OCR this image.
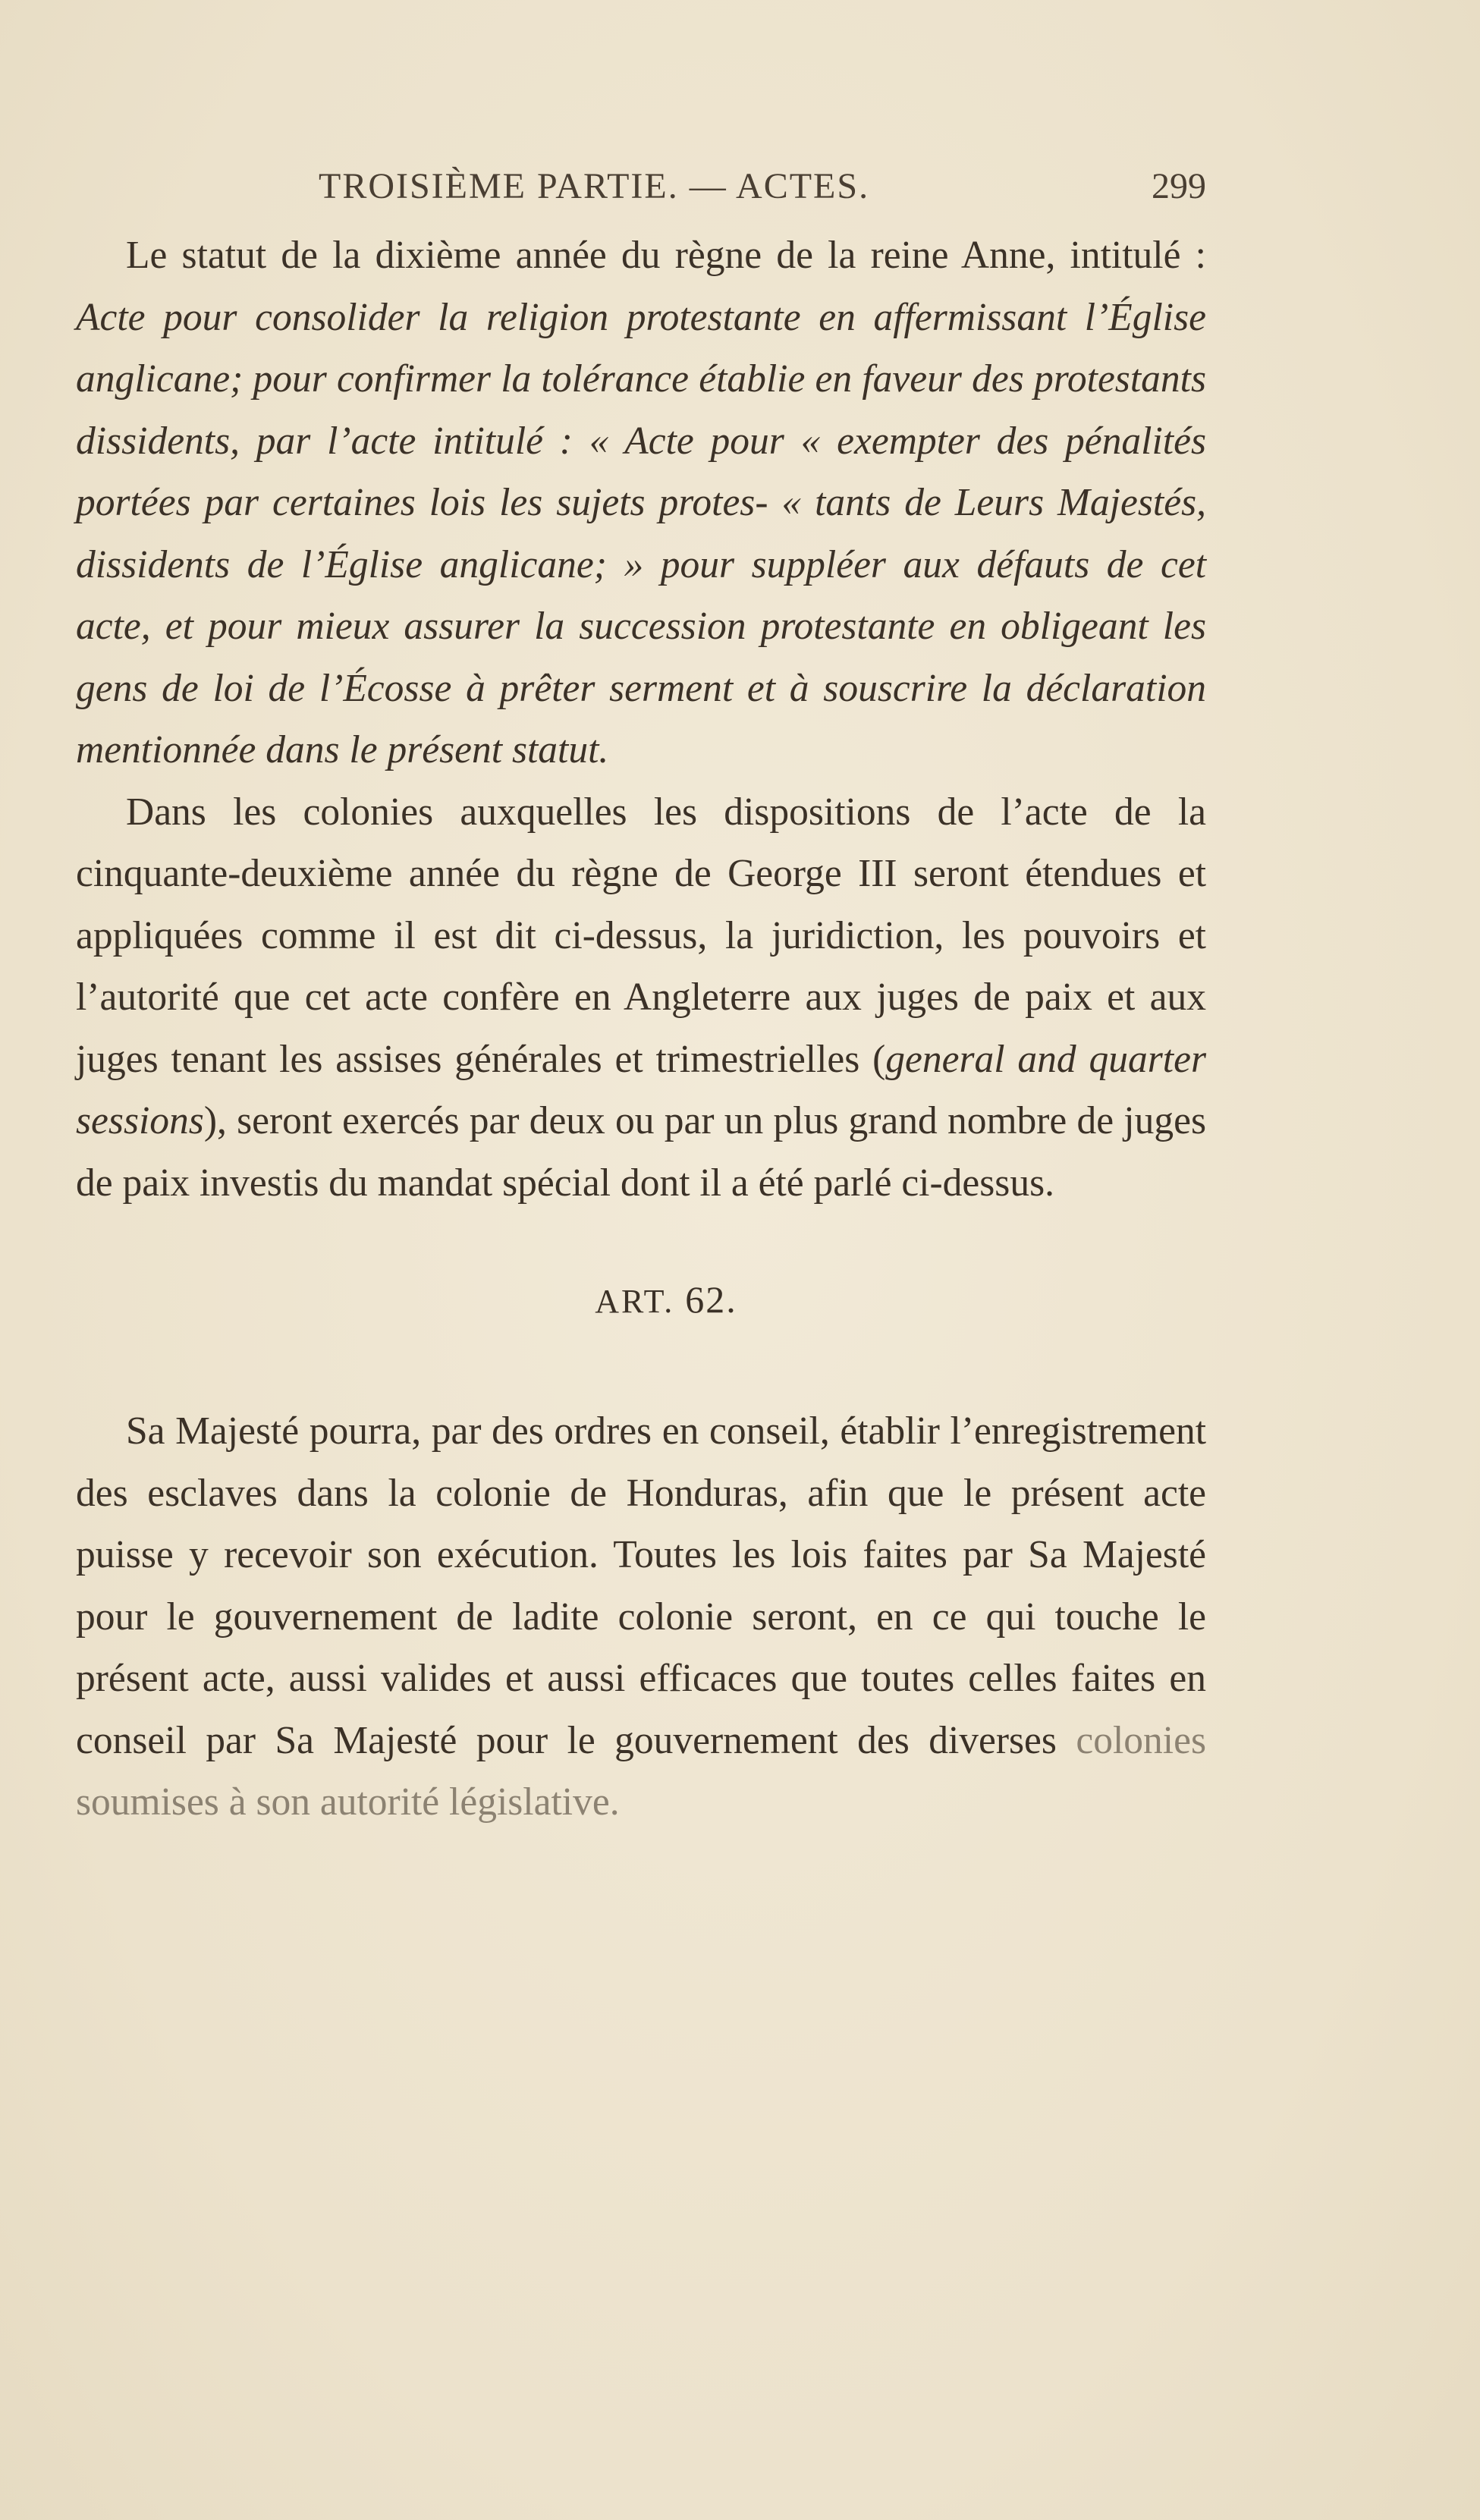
TROISIÈME PARTIE. — ACTES.	299

Le statut de la dixième année du règne de la reine Anne, intitulé : Acte pour consolider la religion protestante en affermissant l’Église anglicane; pour confirmer la tolérance établie en faveur des protestants dissidents, par l’acte intitulé : « Acte pour « exempter des pénalités portées par certaines lois les sujets protes- « tants de Leurs Majestés, dissidents de l’Église anglicane; » pour suppléer aux défauts de cet acte, et pour mieux assurer la succession protestante en obligeant les gens de loi de l’Écosse à prêter serment et à souscrire la déclaration mentionnée dans le présent statut.

Dans les colonies auxquelles les dispositions de l’acte de la cinquante-deuxième année du règne de George III seront étendues et appliquées comme il est dit ci-dessus, la juridiction, les pouvoirs et l’autorité que cet acte confère en Angleterre aux juges de paix et aux juges tenant les assises générales et trimestrielles (general and quarter sessions), seront exercés par deux ou par un plus grand nombre de juges de paix investis du mandat spécial dont il a été parlé ci-dessus.

ART. 62.

Sa Majesté pourra, par des ordres en conseil, établir l’enregistrement des esclaves dans la colonie de Honduras, afin que le présent acte puisse y recevoir son exécution. Toutes les lois faites par Sa Majesté pour le gouvernement de ladite colonie seront, en ce qui touche le présent acte, aussi valides et aussi efficaces que toutes celles faites en conseil par Sa Majesté pour le gouvernement des diverses colonies soumises à son autorité législative.
